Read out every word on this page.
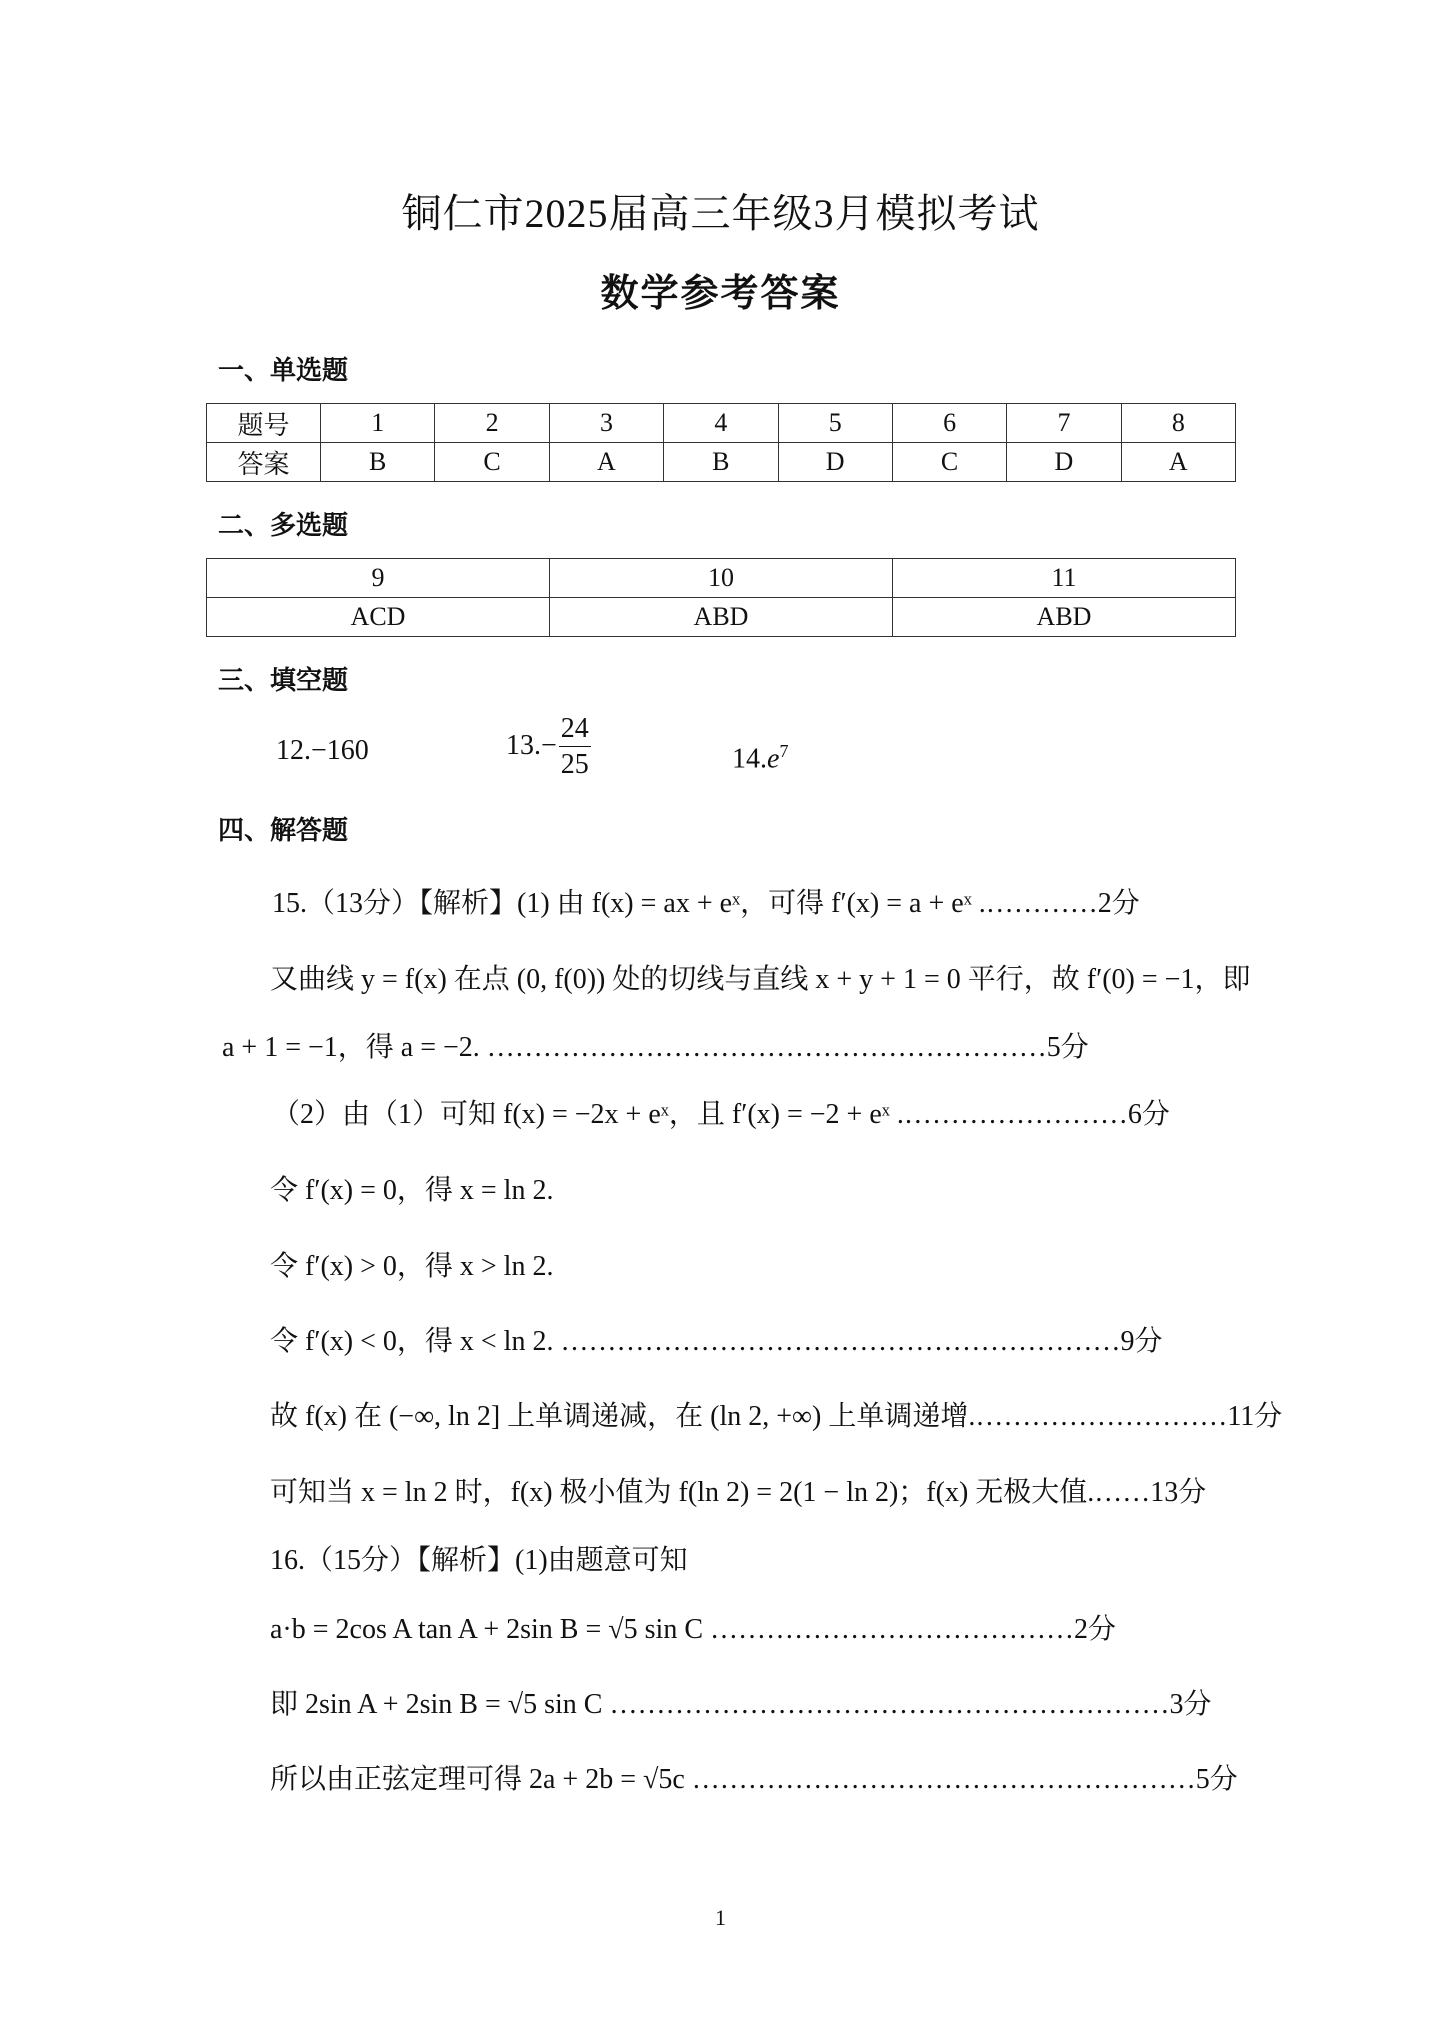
铜仁市2025届高三年级3月模拟考试
数学参考答案
一、单选题
题号	1	2	3	4	5	6	7	8
答案	B	C	A	B	D	C	D	A
二、多选题
9	10	11
ACD	ABD	ABD
三、填空题
12.−160	$13.- \frac{24}{25}$	$14.e^7$
四、解答题
15.（13分）【解析】(1) 由 f(x) = ax + eˣ，可得 f′(x) = a + eˣ .…………2分
又曲线 y = f(x) 在点 (0, f(0)) 处的切线与直线 x + y + 1 = 0 平行，故 f′(0) = −1，即
a + 1 = −1，得 a = −2. ……………………………………………………5分
（2）由（1）可知 f(x) = −2x + eˣ，且 f′(x) = −2 + eˣ .……………………6分
令 f′(x) = 0，得 x = ln 2.
令 f′(x) > 0，得 x > ln 2.
令 f′(x) < 0，得 x < ln 2. ……………………………………………………9分
故 f(x) 在 (−∞, ln 2] 上单调递减，在 (ln 2, +∞) 上单调递增.………………………11分
可知当 x = ln 2 时，f(x) 极小值为 f(ln 2) = 2(1 − ln 2)；f(x) 无极大值.……13分
16.（15分）【解析】(1)由题意可知
a·b = 2cos A tan A + 2sin B = √5 sin C …………………………………2分
即 2sin A + 2sin B = √5 sin C ……………………………………………………3分
所以由正弦定理可得 2a + 2b = √5c ………………………………………………5分
1
